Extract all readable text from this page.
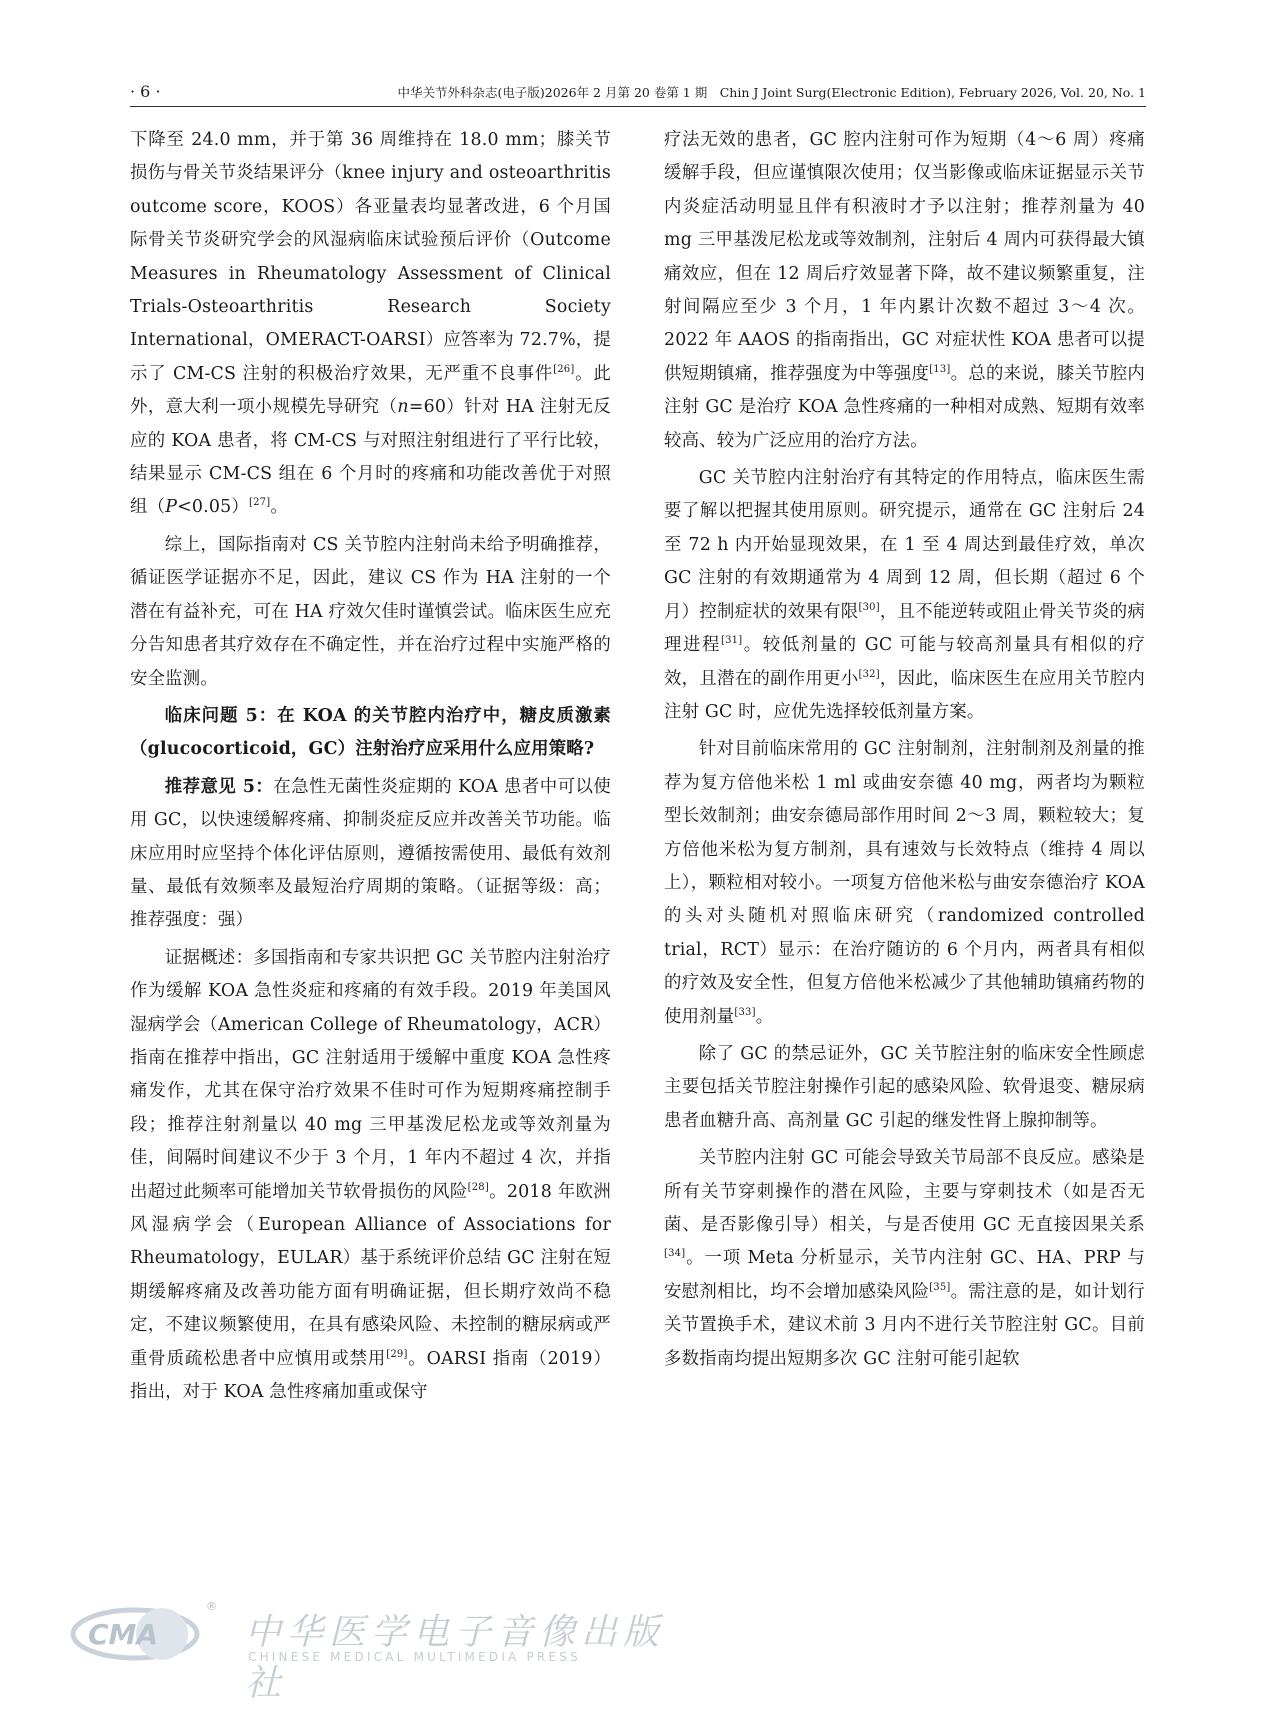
· 6 ·	中华关节外科杂志(电子版)2026年 2 月第 20 卷第 1 期　Chin J Joint Surg(Electronic Edition), February 2026, Vol. 20, No. 1

下降至 24.0 mm，并于第 36 周维持在 18.0 mm；膝关节损伤与骨关节炎结果评分（knee injury and osteoarthritis outcome score，KOOS）各亚量表均显著改进，6 个月国际骨关节炎研究学会的风湿病临床试验预后评价（Outcome Measures in Rheumatology Assessment of Clinical Trials-Osteoarthritis Research Society International，OMERACT-OARSI）应答率为 72.7%，提示了 CM-CS 注射的积极治疗效果，无严重不良事件[26]。此外，意大利一项小规模先导研究（n=60）针对 HA 注射无反应的 KOA 患者，将 CM-CS 与对照注射组进行了平行比较，结果显示 CM-CS 组在 6 个月时的疼痛和功能改善优于对照组（P<0.05）[27]。

综上，国际指南对 CS 关节腔内注射尚未给予明确推荐，循证医学证据亦不足，因此，建议 CS 作为 HA 注射的一个潜在有益补充，可在 HA 疗效欠佳时谨慎尝试。临床医生应充分告知患者其疗效存在不确定性，并在治疗过程中实施严格的安全监测。

临床问题 5：在 KOA 的关节腔内治疗中，糖皮质激素（glucocorticoid，GC）注射治疗应采用什么应用策略?

推荐意见 5：在急性无菌性炎症期的 KOA 患者中可以使用 GC，以快速缓解疼痛、抑制炎症反应并改善关节功能。临床应用时应坚持个体化评估原则，遵循按需使用、最低有效剂量、最低有效频率及最短治疗周期的策略。（证据等级：高；推荐强度：强）

证据概述：多国指南和专家共识把 GC 关节腔内注射治疗作为缓解 KOA 急性炎症和疼痛的有效手段。2019 年美国风湿病学会（American College of Rheumatology，ACR）指南在推荐中指出，GC 注射适用于缓解中重度 KOA 急性疼痛发作，尤其在保守治疗效果不佳时可作为短期疼痛控制手段；推荐注射剂量以 40 mg 三甲基泼尼松龙或等效剂量为佳，间隔时间建议不少于 3 个月，1 年内不超过 4 次，并指出超过此频率可能增加关节软骨损伤的风险[28]。2018 年欧洲风湿病学会（European Alliance of Associations for Rheumatology，EULAR）基于系统评价总结 GC 注射在短期缓解疼痛及改善功能方面有明确证据，但长期疗效尚不稳定，不建议频繁使用，在具有感染风险、未控制的糖尿病或严重骨质疏松患者中应慎用或禁用[29]。OARSI 指南（2019）指出，对于 KOA 急性疼痛加重或保守

疗法无效的患者，GC 腔内注射可作为短期（4～6 周）疼痛缓解手段，但应谨慎限次使用；仅当影像或临床证据显示关节内炎症活动明显且伴有积液时才予以注射；推荐剂量为 40 mg 三甲基泼尼松龙或等效制剂，注射后 4 周内可获得最大镇痛效应，但在 12 周后疗效显著下降，故不建议频繁重复，注射间隔应至少 3 个月，1 年内累计次数不超过 3～4 次。2022 年 AAOS 的指南指出，GC 对症状性 KOA 患者可以提供短期镇痛，推荐强度为中等强度[13]。总的来说，膝关节腔内注射 GC 是治疗 KOA 急性疼痛的一种相对成熟、短期有效率较高、较为广泛应用的治疗方法。

GC 关节腔内注射治疗有其特定的作用特点，临床医生需要了解以把握其使用原则。研究提示，通常在 GC 注射后 24 至 72 h 内开始显现效果，在 1 至 4 周达到最佳疗效，单次 GC 注射的有效期通常为 4 周到 12 周，但长期（超过 6 个月）控制症状的效果有限[30]，且不能逆转或阻止骨关节炎的病理进程[31]。较低剂量的 GC 可能与较高剂量具有相似的疗效，且潜在的副作用更小[32]，因此，临床医生在应用关节腔内注射 GC 时，应优先选择较低剂量方案。

针对目前临床常用的 GC 注射制剂，注射制剂及剂量的推荐为复方倍他米松 1 ml 或曲安奈德 40 mg，两者均为颗粒型长效制剂；曲安奈德局部作用时间 2～3 周，颗粒较大；复方倍他米松为复方制剂，具有速效与长效特点（维持 4 周以上），颗粒相对较小。一项复方倍他米松与曲安奈德治疗 KOA 的头对头随机对照临床研究（randomized controlled trial，RCT）显示：在治疗随访的 6 个月内，两者具有相似的疗效及安全性，但复方倍他米松减少了其他辅助镇痛药物的使用剂量[33]。

除了 GC 的禁忌证外，GC 关节腔注射的临床安全性顾虑主要包括关节腔注射操作引起的感染风险、软骨退变、糖尿病患者血糖升高、高剂量 GC 引起的继发性肾上腺抑制等。

关节腔内注射 GC 可能会导致关节局部不良反应。感染是所有关节穿刺操作的潜在风险，主要与穿刺技术（如是否无菌、是否影像引导）相关，与是否使用 GC 无直接因果关系[34]。一项 Meta 分析显示，关节内注射 GC、HA、PRP 与安慰剂相比，均不会增加感染风险[35]。需注意的是，如计划行关节置换手术，建议术前 3 月内不进行关节腔注射 GC。目前多数指南均提出短期多次 GC 注射可能引起软

CMA
®
中华医学电子音像出版社
CHINESE MEDICAL MULTIMEDIA PRESS
